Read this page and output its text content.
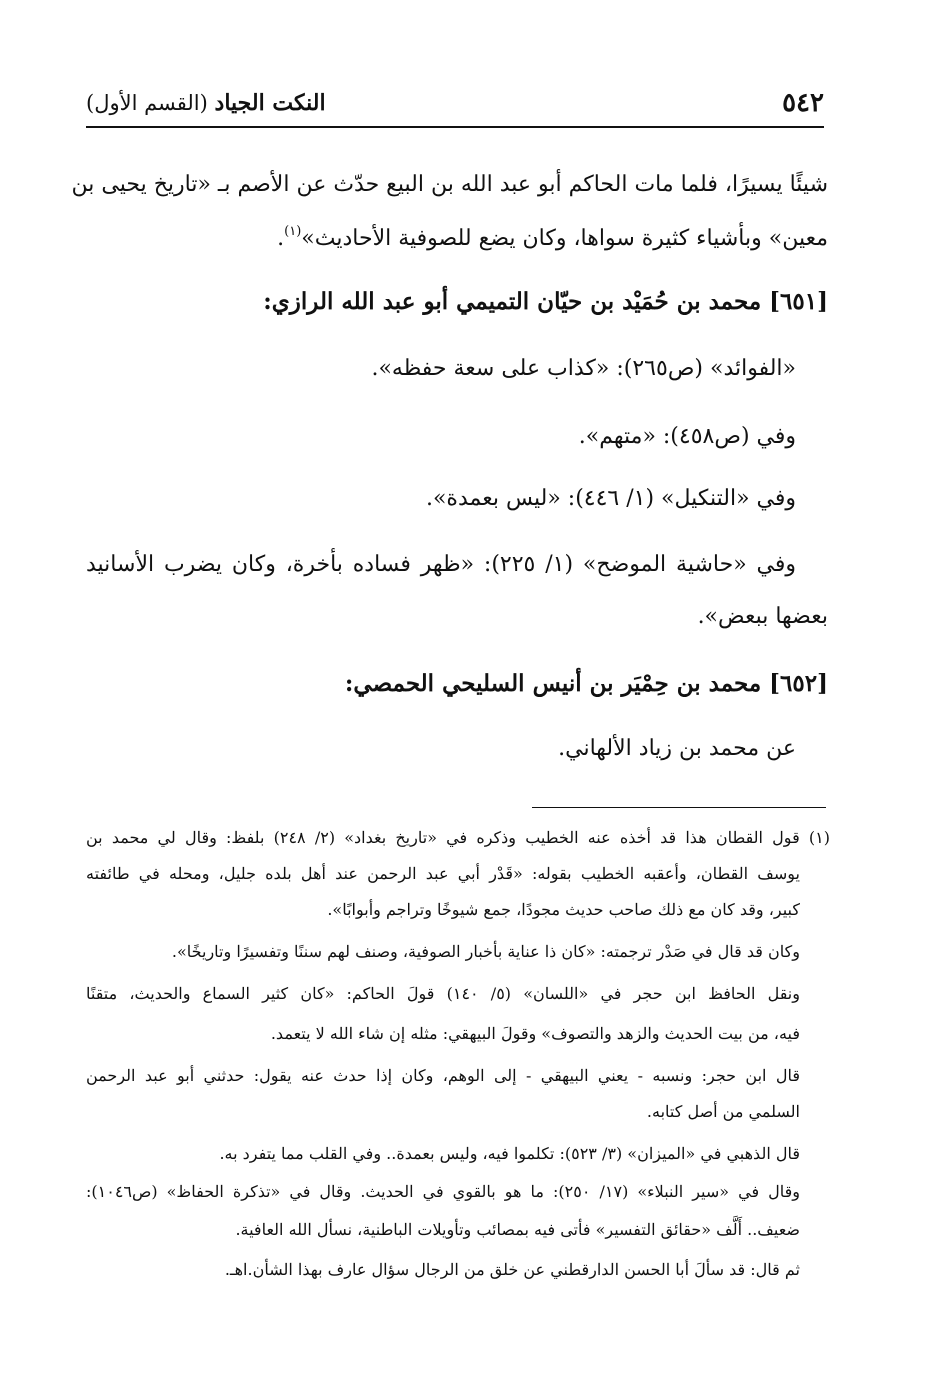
٥٤٢
النكت الجياد (القسم الأول)
شيئًا يسيرًا، فلما مات الحاكم أبو عبد الله بن البيع حدّث عن الأصم بـ «تاريخ يحيى بن
معين» وبأشياء كثيرة سواها، وكان يضع للصوفية الأحاديث»$^{(١)}$.
[٦٥١] محمد بن حُمَيْد بن حيّان التميمي أبو عبد الله الرازي:
«الفوائد» (ص٢٦٥): «كذاب على سعة حفظه».
وفي (ص٤٥٨): «متهم».
وفي «التنكيل» (١/ ٤٤٦): «ليس بعمدة».
وفي «حاشية الموضح» (١/ ٢٢٥): «ظهر فساده بأخرة، وكان يضرب الأسانيد
بعضها ببعض».
[٦٥٢] محمد بن حِمْيَر بن أنيس السليحي الحمصي:
عن محمد بن زياد الألهاني.
(١) قول القطان هذا قد أخذه عنه الخطيب وذكره في «تاريخ بغداد» (٢/ ٢٤٨) بلفظ: وقال لي محمد بن
يوسف القطان، وأعقبه الخطيب بقوله: «قَدْر أبي عبد الرحمن عند أهل بلده جليل، ومحله في طائفته
كبير، وقد كان مع ذلك صاحب حديث مجودًا، جمع شيوخًا وتراجم وأبوابًا».
وكان قد قال في صَدْر ترجمته: «كان ذا عناية بأخبار الصوفية، وصنف لهم سننًا وتفسيرًا وتاريخًا».
ونقل الحافظ ابن حجر في «اللسان» (٥/ ١٤٠) قولَ الحاكم: «كان كثير السماع والحديث، متقنًا
فيه، من بيت الحديث والزهد والتصوف» وقولَ البيهقي: مثله إن شاء الله لا يتعمد.
قال ابن حجر: ونسبه - يعني البيهقي - إلى الوهم، وكان إذا حدث عنه يقول: حدثني أبو عبد الرحمن
السلمي من أصل كتابه.
قال الذهبي في «الميزان» (٣/ ٥٢٣): تكلموا فيه، وليس بعمدة.. وفي القلب مما يتفرد به.
وقال في «سير النبلاء» (١٧/ ٢٥٠): ما هو بالقوي في الحديث. وقال في «تذكرة الحفاظ» (ص١٠٤٦):
ضعيف.. أَلَّف «حقائق التفسير» فأتى فيه بمصائب وتأويلات الباطنية، نسأل الله العافية.
ثم قال: قد سألَ أبا الحسن الدارقطني عن خلق من الرجال سؤال عارف بهذا الشأن.اهـ.
